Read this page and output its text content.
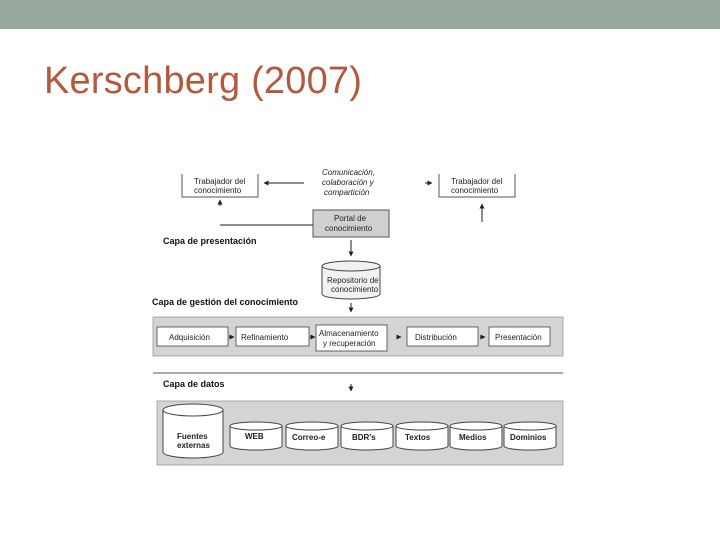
Kerschberg (2007)
Trabajador del
conocimiento
Comunicación,
colaboración y
compartición
Trabajador del
conocimiento
Portal de
conocimiento
Capa de presentación
Repositorio de
conocimiento
Capa de gestión del conocimiento
Adquisición	Refinamiento	Almacenamiento
y recuperación
Distribución	Presentación
Capa de datos
Fuentes
externas
WEB	Correo-e	BDR's	Textos	Medios	Dominios
